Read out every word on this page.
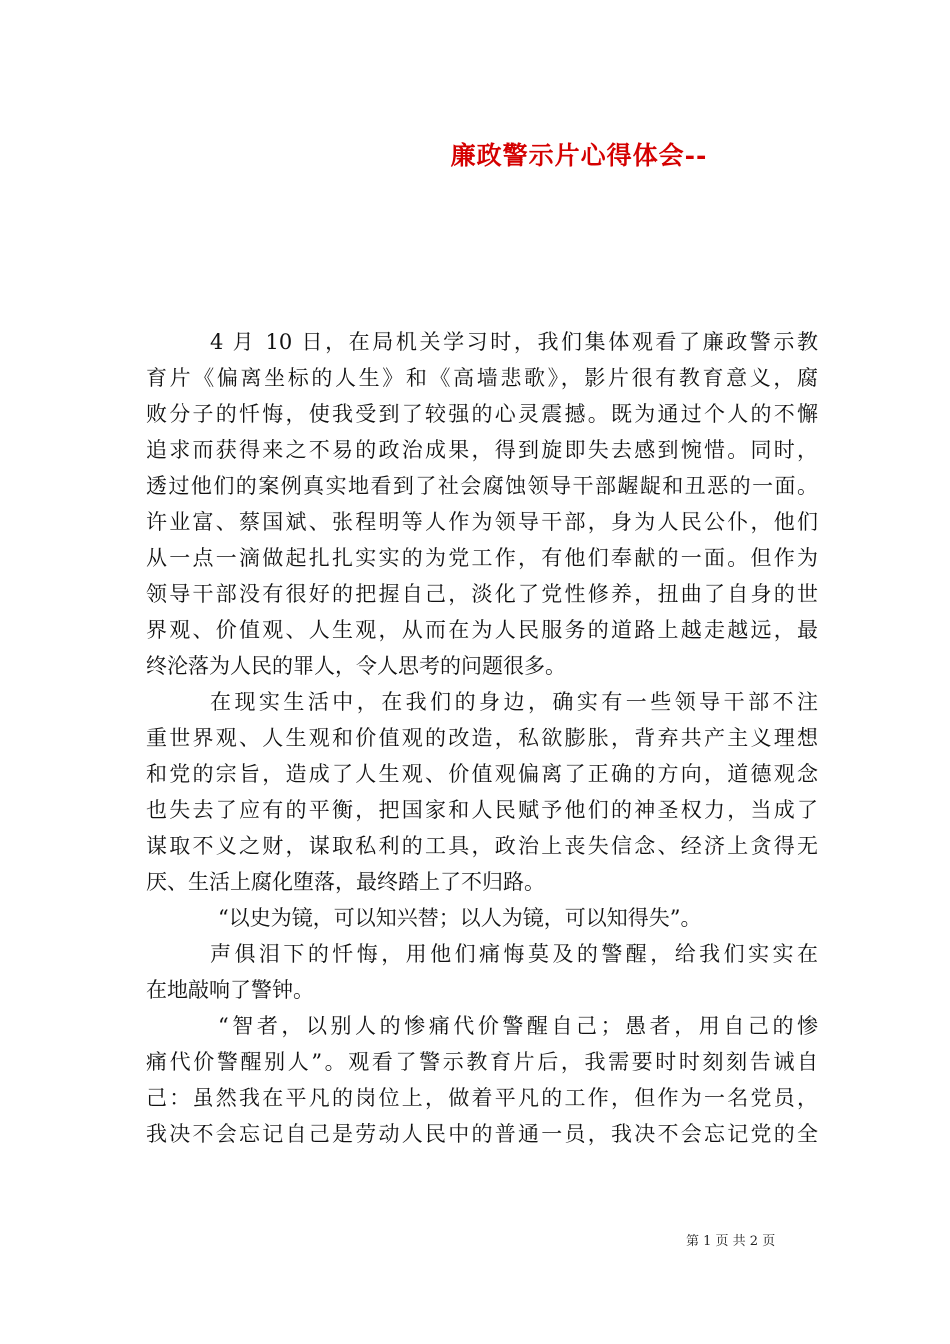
廉政警示片心得体会--
4 月 10 日，在局机关学习时，我们集体观看了廉政警示教
育片《偏离坐标的人生》和《高墙悲歌》，影片很有教育意义，腐
败分子的忏悔，使我受到了较强的心灵震撼。既为通过个人的不懈
追求而获得来之不易的政治成果，得到旋即失去感到惋惜。同时，
透过他们的案例真实地看到了社会腐蚀领导干部龌龊和丑恶的一面。
许业富、蔡国斌、张程明等人作为领导干部，身为人民公仆，他们
从一点一滴做起扎扎实实的为党工作，有他们奉献的一面。但作为
领导干部没有很好的把握自己，淡化了党性修养，扭曲了自身的世
界观、价值观、人生观，从而在为人民服务的道路上越走越远，最
终沦落为人民的罪人，令人思考的问题很多。
在现实生活中，在我们的身边，确实有一些领导干部不注
重世界观、人生观和价值观的改造，私欲膨胀，背弃共产主义理想
和党的宗旨，造成了人生观、价值观偏离了正确的方向，道德观念
也失去了应有的平衡，把国家和人民赋予他们的神圣权力，当成了
谋取不义之财，谋取私利的工具，政治上丧失信念、经济上贪得无
厌、生活上腐化堕落，最终踏上了不归路。
“以史为镜，可以知兴替；以人为镜，可以知得失”。
声俱泪下的忏悔，用他们痛悔莫及的警醒，给我们实实在
在地敲响了警钟。
“智者，以别人的惨痛代价警醒自己；愚者，用自己的惨
痛代价警醒别人”。观看了警示教育片后，我需要时时刻刻告诫自
己：虽然我在平凡的岗位上，做着平凡的工作，但作为一名党员，
我决不会忘记自己是劳动人民中的普通一员，我决不会忘记党的全
第 1 页 共 2 页
